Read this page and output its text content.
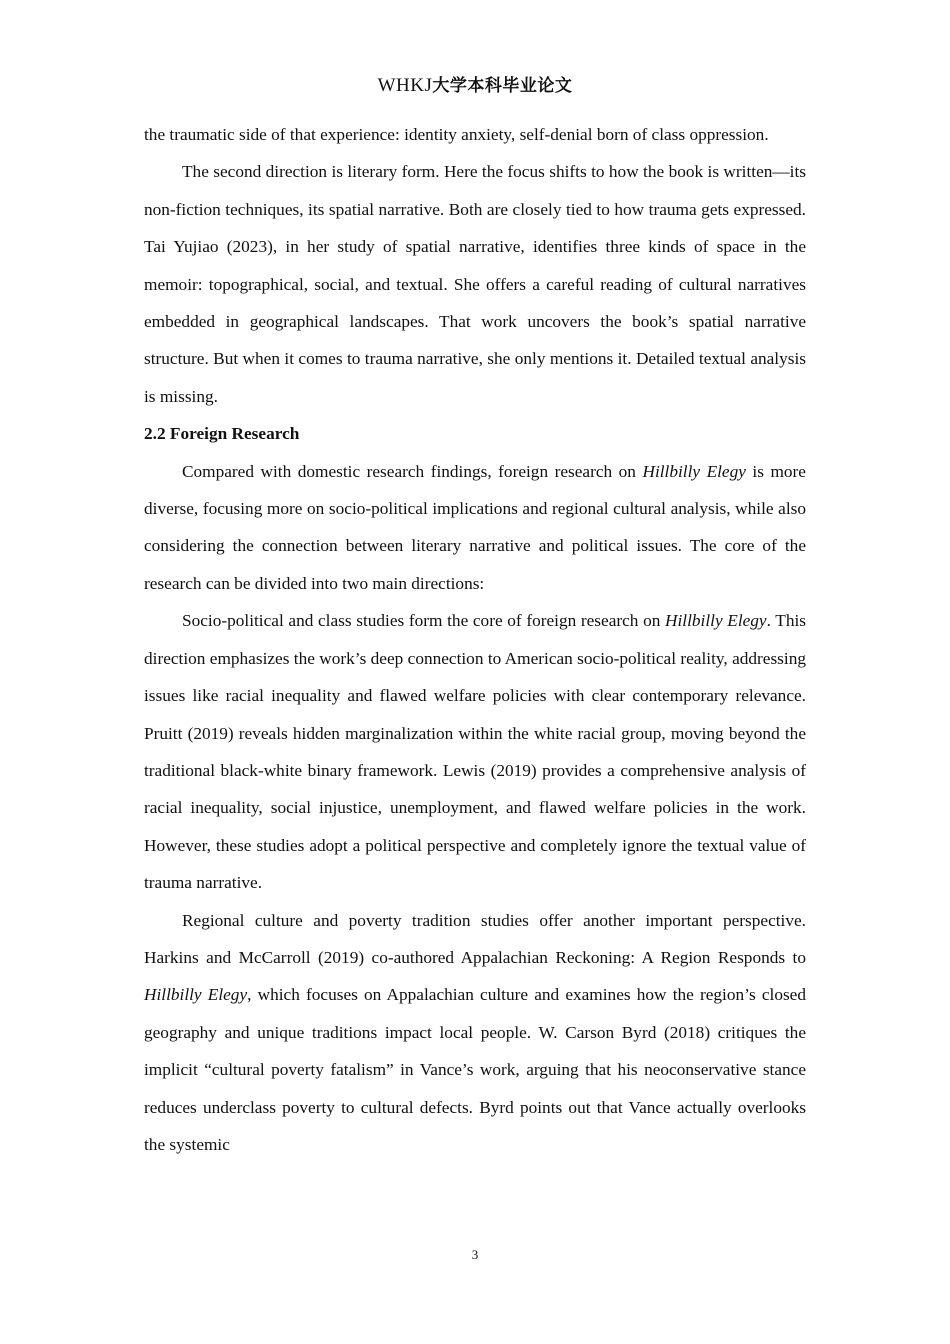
WHKJ大学本科毕业论文

the traumatic side of that experience: identity anxiety, self-denial born of class oppression.

The second direction is literary form. Here the focus shifts to how the book is written—its non-fiction techniques, its spatial narrative. Both are closely tied to how trauma gets expressed. Tai Yujiao (2023), in her study of spatial narrative, identifies three kinds of space in the memoir: topographical, social, and textual. She offers a careful reading of cultural narratives embedded in geographical landscapes. That work uncovers the book’s spatial narrative structure. But when it comes to trauma narrative, she only mentions it. Detailed textual analysis is missing.

2.2 Foreign Research

Compared with domestic research findings, foreign research on Hillbilly Elegy is more diverse, focusing more on socio-political implications and regional cultural analysis, while also considering the connection between literary narrative and political issues. The core of the research can be divided into two main directions:

Socio-political and class studies form the core of foreign research on Hillbilly Elegy. This direction emphasizes the work’s deep connection to American socio-political reality, addressing issues like racial inequality and flawed welfare policies with clear contemporary relevance. Pruitt (2019) reveals hidden marginalization within the white racial group, moving beyond the traditional black-white binary framework. Lewis (2019) provides a comprehensive analysis of racial inequality, social injustice, unemployment, and flawed welfare policies in the work. However, these studies adopt a political perspective and completely ignore the textual value of trauma narrative.

Regional culture and poverty tradition studies offer another important perspective. Harkins and McCarroll (2019) co-authored Appalachian Reckoning: A Region Responds to Hillbilly Elegy, which focuses on Appalachian culture and examines how the region’s closed geography and unique traditions impact local people. W. Carson Byrd (2018) critiques the implicit “cultural poverty fatalism” in Vance’s work, arguing that his neoconservative stance reduces underclass poverty to cultural defects. Byrd points out that Vance actually overlooks the systemic

3
